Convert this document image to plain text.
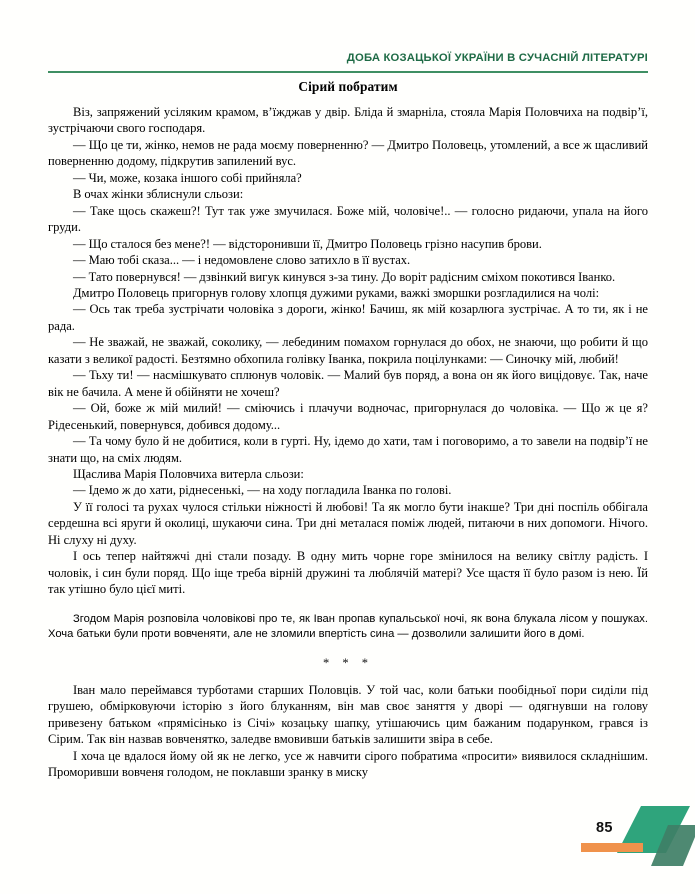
ДОБА КОЗАЦЬКОЇ УКРАЇНИ В СУЧАСНІЙ ЛІТЕРАТУРІ
Сірий побратим

Віз, запряжений усіляким крамом, в’їжджав у двір. Бліда й змарніла, стояла Марія Половчиха на подвір’ї, зустрічаючи свого господаря.

— Що це ти, жінко, немов не рада моєму поверненню? — Дмитро Половець, утомлений, а все ж щасливий поверненню додому, підкрутив запилений вус.

— Чи, може, козака іншого собі прийняла?

В очах жінки зблиснули сльози:

— Таке щось скажеш?! Тут так уже змучилася. Боже мій, чоловіче!.. — голосно ридаючи, упала на його груди.

— Що сталося без мене?! — відсторонивши її, Дмитро Половець грізно насупив брови.

— Маю тобі сказа... — і недомовлене слово затихло в її вустах.

— Тато повернувся! — дзвінкий вигук кинувся з-за тину. До воріт радісним сміхом покотився Іванко.

Дмитро Половець пригорнув голову хлопця дужими руками, важкі зморшки розгладилися на чолі:

— Ось так треба зустрічати чоловіка з дороги, жінко! Бачиш, як мій козарлюга зустрічає. А то ти, як і не рада.

— Не зважай, не зважай, соколику, — лебединим помахом горнулася до обох, не знаючи, що робити й що казати з великої радості. Безтямно обхопила голівку Іванка, покрила поцілунками: — Синочку мій, любий!

— Тьху ти! — насмішкувато сплюнув чоловік. — Малий був поряд, а вона он як його вицідовує. Так, наче вік не бачила. А мене й обійняти не хочеш?

— Ой, боже ж мій милий! — сміючись і плачучи водночас, пригорнулася до чоловіка. — Що ж це я? Рідесенький, повернувся, добився додому...

— Та чому було й не добитися, коли в гурті. Ну, ідемо до хати, там і поговоримо, а то завели на подвір’ї не знати що, на сміх людям.

Щаслива Марія Половчиха витерла сльози:

— Ідемо ж до хати, ріднесенькі, — на ходу погладила Іванка по голові.

У її голосі та рухах чулося стільки ніжності й любові! Та як могло бути інакше? Три дні поспіль оббігала сердешна всі яруги й околиці, шукаючи сина. Три дні металася поміж людей, питаючи в них допомоги. Нічого. Ні слуху ні духу.

І ось тепер найтяжчі дні стали позаду. В одну мить чорне горе змінилося на велику світлу радість. І чоловік, і син були поряд. Що іще треба вірній дружині та люблячій матері? Усе щастя її було разом із нею. Їй так утішно було цієї миті.

Згодом Марія розповіла чоловікові про те, як Іван пропав купальської ночі, як вона блукала лісом у пошуках. Хоча батьки були проти вовченяти, але не зломили впертість сина — дозволили залишити його в домі.

* * *

Іван мало переймався турботами старших Половців. У той час, коли батьки пообідньої пори сиділи під грушею, обмірковуючи історію з його блуканням, він мав своє заняття у дворі — одягнувши на голову привезену батьком «прямісінько із Січі» козацьку шапку, утішаючись цим бажаним подарунком, грався із Сірим. Так він назвав вовченятко, заледве вмовивши батьків залишити звіра в себе.

І хоча це вдалося йому ой як не легко, усе ж навчити сірого побратима «просити» виявилося складнішим. Проморивши вовченя голодом, не поклавши зранку в миску

85
